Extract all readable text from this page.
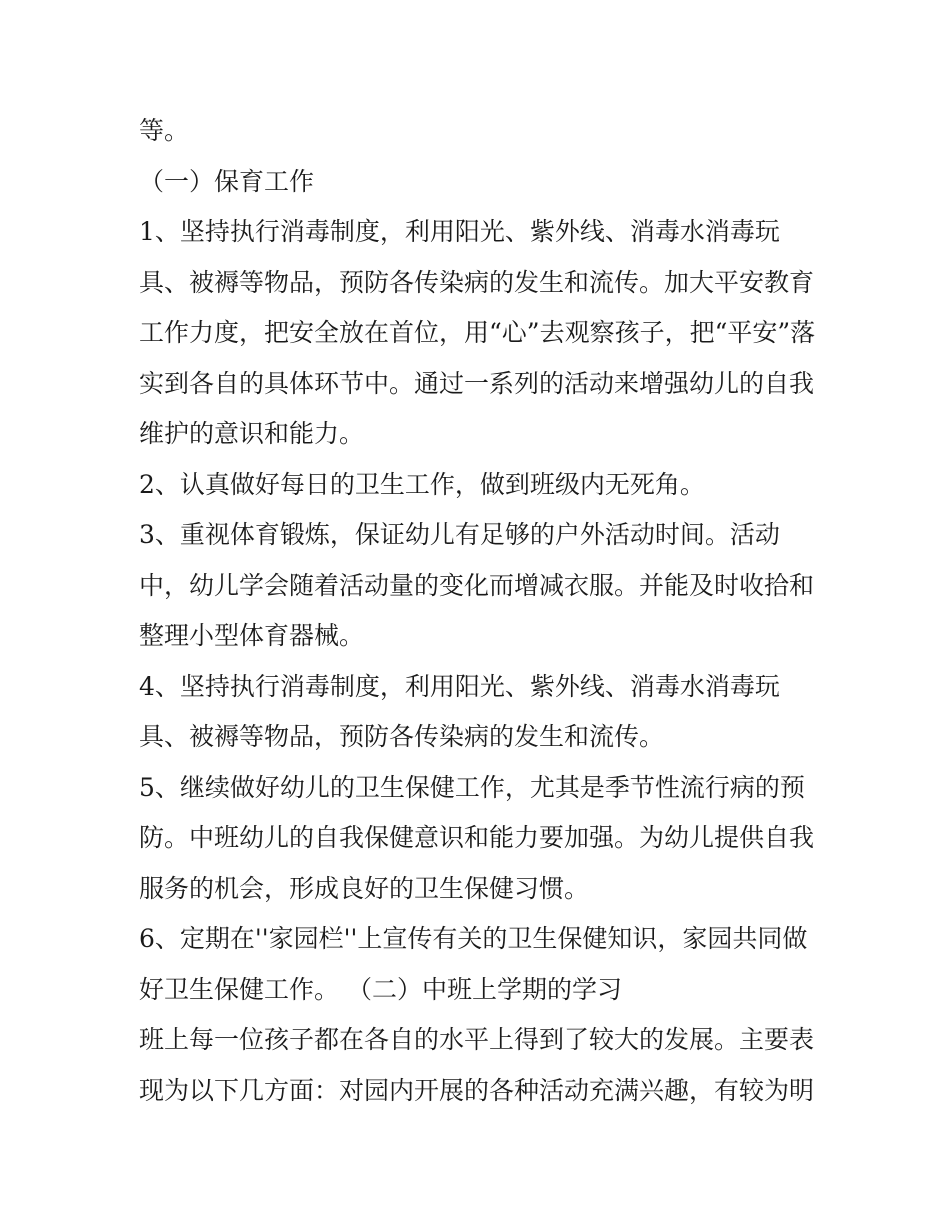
等。
（一）保育工作
1、坚持执行消毒制度，利用阳光、紫外线、消毒水消毒玩
具、被褥等物品，预防各传染病的发生和流传。加大平安教育
工作力度，把安全放在首位，用“心”去观察孩子，把“平安”落
实到各自的具体环节中。通过一系列的活动来增强幼儿的自我
维护的意识和能力。
2、认真做好每日的卫生工作，做到班级内无死角。
3、重视体育锻炼，保证幼儿有足够的户外活动时间。活动
中，幼儿学会随着活动量的变化而增减衣服。并能及时收拾和
整理小型体育器械。
4、坚持执行消毒制度，利用阳光、紫外线、消毒水消毒玩
具、被褥等物品，预防各传染病的发生和流传。
5、继续做好幼儿的卫生保健工作，尤其是季节性流行病的预
防。中班幼儿的自我保健意识和能力要加强。为幼儿提供自我
服务的机会，形成良好的卫生保健习惯。
6、定期在''家园栏''上宣传有关的卫生保健知识，家园共同做
好卫生保健工作。 （二）中班上学期的学习
班上每一位孩子都在各自的水平上得到了较大的发展。主要表
现为以下几方面：对园内开展的各种活动充满兴趣，有较为明
